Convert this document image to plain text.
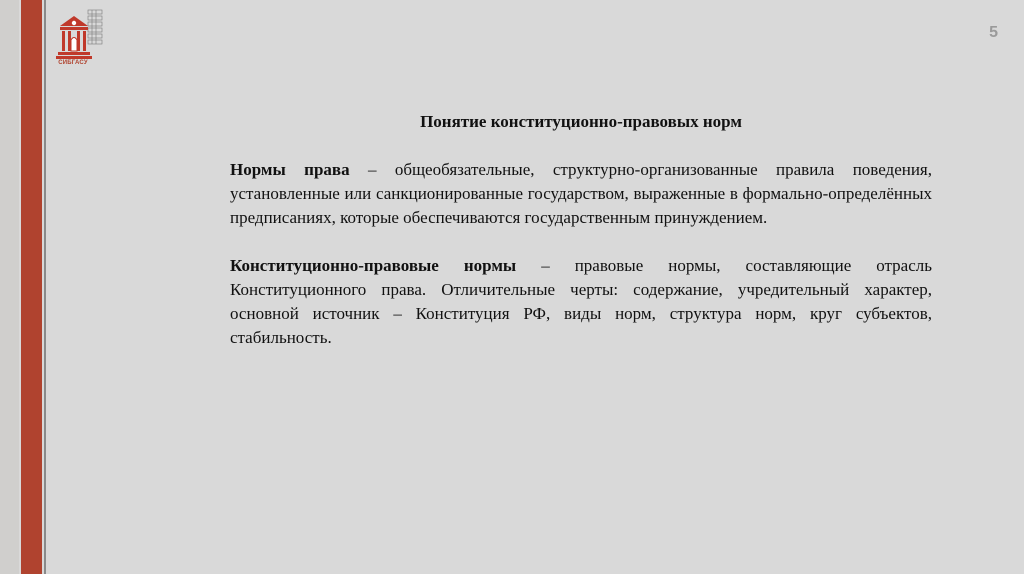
СИБГАСУ
5

Понятие конституционно-правовых норм

Нормы права – общеобязательные, структурно-организованные правила поведения, установленные или санкционированные государством, выраженные в формально-определённых предписаниях, которые обеспечиваются государственным принуждением.

Конституционно-правовые нормы – правовые нормы, составляющие отрасль Конституционного права. Отличительные черты: содержание, учредительный характер, основной источник – Конституция РФ, виды норм, структура норм, круг субъектов, стабильность.
